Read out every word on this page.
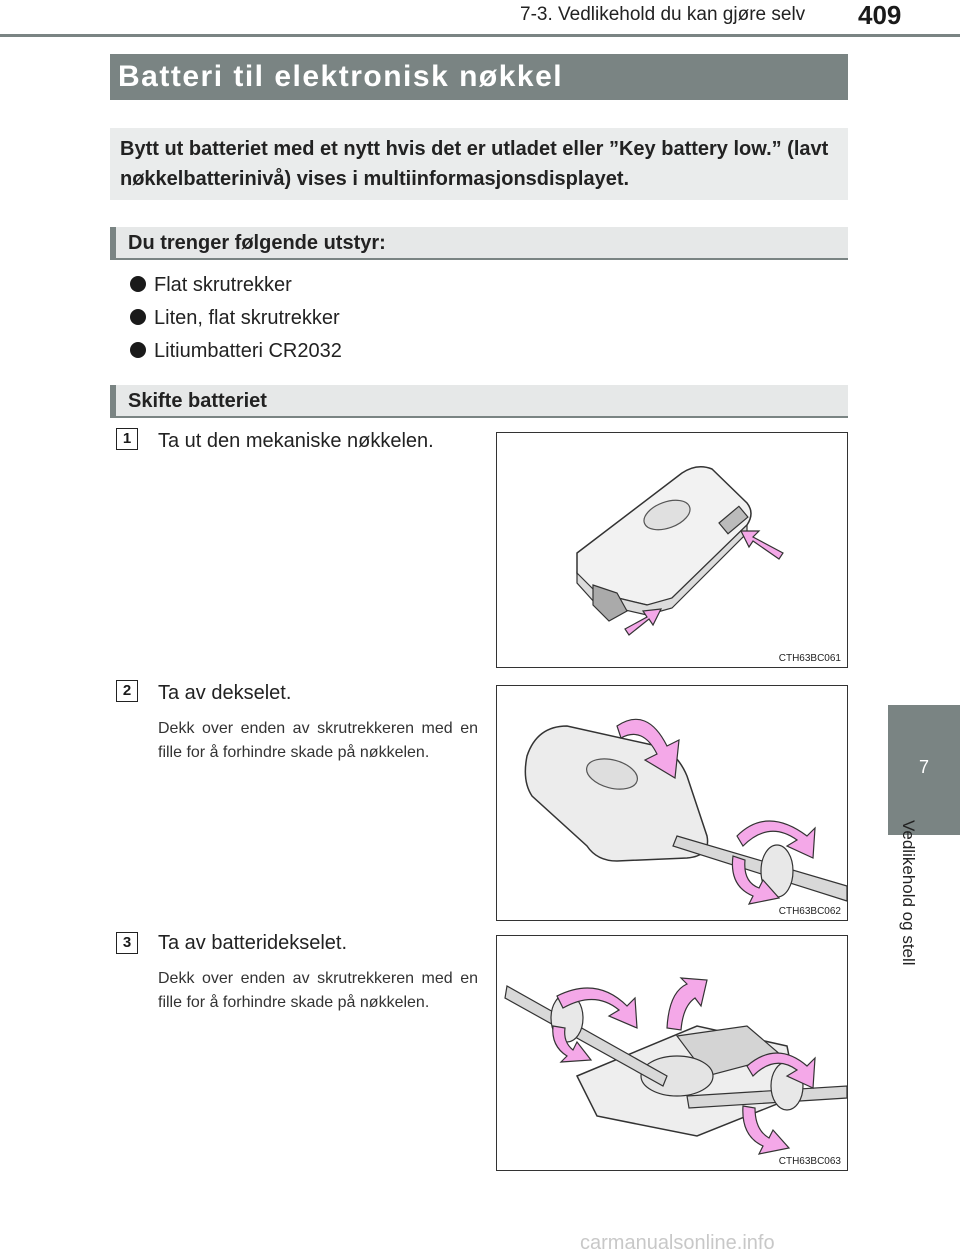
7-3. Vedlikehold du kan gjøre selv	409
7
Vedlikehold og stell
Batteri til elektronisk nøkkel

Bytt ut batteriet med et nytt hvis det er utladet eller ”Key battery low.” (lavt nøkkelbatterinivå) vises i multiinformasjonsdisplayet.

Du trenger følgende utstyr:
Flat skrutrekker
Liten, flat skrutrekker
Litiumbatteri CR2032
Skifte batteriet
1	Ta ut den mekaniske nøkkelen.
CTH63BC061
2	Ta av dekselet.
Dekk over enden av skrutrekkeren med en fille for å forhindre skade på nøkkelen.
CTH63BC062
3	Ta av batteridekselet.
Dekk over enden av skrutrekkeren med en fille for å forhindre skade på nøkkelen.
CTH63BC063
carmanualsonline.info
